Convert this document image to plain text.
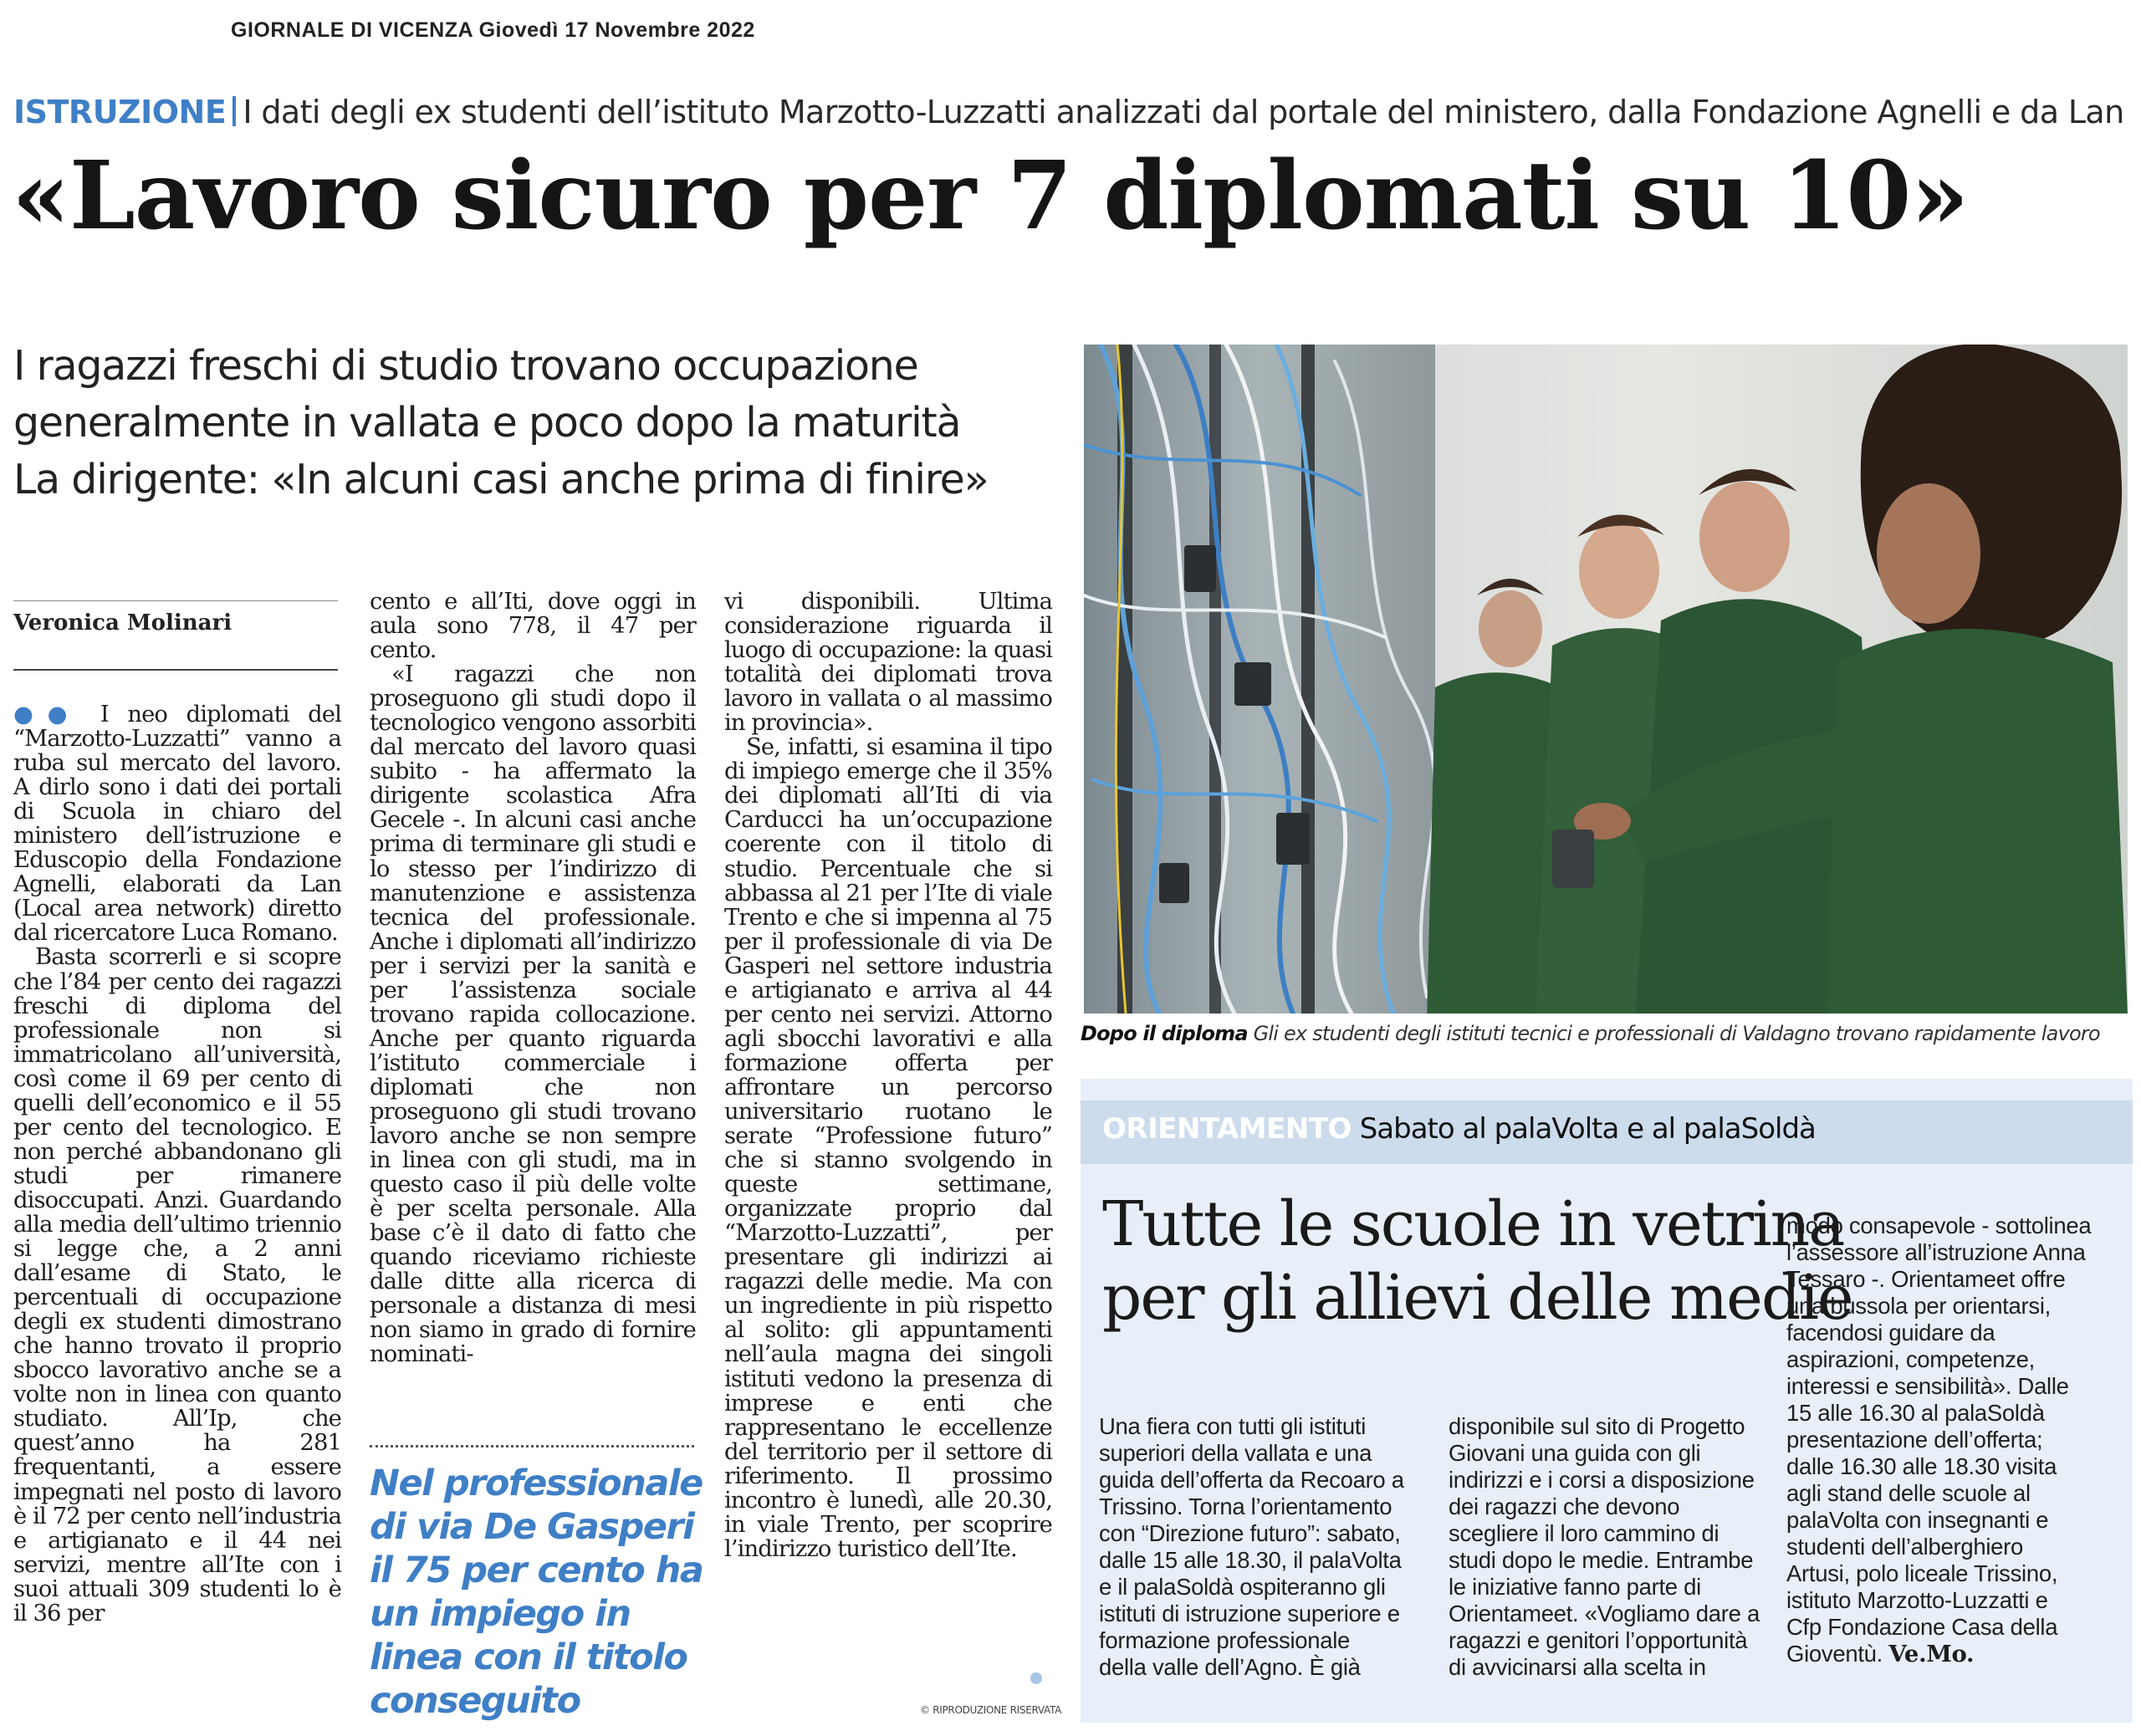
GIORNALE DI VICENZA Giovedì 17 Novembre 2022
ISTRUZIONE I dati degli ex studenti dell’istituto Marzotto-Luzzatti analizzati dal portale del ministero, dalla Fondazione Agnelli e da Lan
«Lavoro sicuro per 7 diplomati su 10»
I ragazzi freschi di studio trovano occupazione
generalmente in vallata e poco dopo la maturità
La dirigente: «In alcuni casi anche prima di finire»
Veronica Molinari

●● I neo diplomati del “Marzotto-Luzzatti” vanno a ruba sul mercato del lavoro. A dirlo sono i dati dei portali di Scuola in chiaro del ministero dell’istruzione e Eduscopio della Fondazione Agnelli, elaborati da Lan (Local area network) diretto dal ricercatore Luca Romano.

Basta scorrerli e si scopre che l’84 per cento dei ragazzi freschi di diploma del professionale non si immatricolano all’università, così come il 69 per cento di quelli dell’economico e il 55 per cento del tecnologico. E non perché abbandonano gli studi per rimanere disoccupati. Anzi. Guardando alla media dell’ultimo triennio si legge che, a 2 anni dall’esame di Stato, le percentuali di occupazione degli ex studenti dimostrano che hanno trovato il proprio sbocco lavorativo anche se a volte non in linea con quanto studiato. All’Ip, che quest’anno ha 281 frequentanti, a essere impegnati nel posto di lavoro è il 72 per cento nell’industria e artigianato e il 44 nei servizi, mentre all’Ite con i suoi attuali 309 studenti lo è il 36 per

cento e all’Iti, dove oggi in aula sono 778, il 47 per cento.

«I ragazzi che non proseguono gli studi dopo il tecnologico vengono assorbiti dal mercato del lavoro quasi subito - ha affermato la dirigente scolastica Afra Gecele -. In alcuni casi anche prima di terminare gli studi e lo stesso per l’indirizzo di manutenzione e assistenza tecnica del professionale. Anche i diplomati all’indirizzo per i servizi per la sanità e per l’assistenza sociale trovano rapida collocazione. Anche per quanto riguarda l’istituto commerciale i diplomati che non proseguono gli studi trovano lavoro anche se non sempre in linea con gli studi, ma in questo caso il più delle volte è per scelta personale. Alla base c’è il dato di fatto che quando riceviamo richieste dalle ditte alla ricerca di personale a distanza di mesi non siamo in grado di fornire nominati-

Nel professionale di via De Gasperi il 75 per cento ha un impiego in linea con il titolo conseguito

vi disponibili. Ultima considerazione riguarda il luogo di occupazione: la quasi totalità dei diplomati trova lavoro in vallata o al massimo in provincia».

Se, infatti, si esamina il tipo di impiego emerge che il 35% dei diplomati all’Iti di via Carducci ha un’occupazione coerente con il titolo di studio. Percentuale che si abbassa al 21 per l’Ite di viale Trento e che si impenna al 75 per il professionale di via De Gasperi nel settore industria e artigianato e arriva al 44 per cento nei servizi. Attorno agli sbocchi lavorativi e alla formazione offerta per affrontare un percorso universitario ruotano le serate “Professione futuro” che si stanno svolgendo in queste settimane, organizzate proprio dal “Marzotto-Luzzatti”, per presentare gli indirizzi ai ragazzi delle medie. Ma con un ingrediente in più rispetto al solito: gli appuntamenti nell’aula magna dei singoli istituti vedono la presenza di imprese e enti che rappresentano le eccellenze del territorio per il settore di riferimento. Il prossimo incontro è lunedì, alle 20.30, in viale Trento, per scoprire l’indirizzo turistico dell’Ite.

© RIPRODUZIONE RISERVATA
Dopo il diploma Gli ex studenti degli istituti tecnici e professionali di Valdagno trovano rapidamente lavoro
ORIENTAMENTO Sabato al palaVolta e al palaSoldà
Tutte le scuole in vetrina
per gli allievi delle medie
Una fiera con tutti gli istituti
superiori della vallata e una
guida dell’offerta da Recoaro a
Trissino. Torna l’orientamento
con “Direzione futuro”: sabato,
dalle 15 alle 18.30, il palaVolta
e il palaSoldà ospiteranno gli
istituti di istruzione superiore e
formazione professionale
della valle dell’Agno. È già
disponibile sul sito di Progetto
Giovani una guida con gli
indirizzi e i corsi a disposizione
dei ragazzi che devono
scegliere il loro cammino di
studi dopo le medie. Entrambe
le iniziative fanno parte di
Orientameet. «Vogliamo dare a
ragazzi e genitori l’opportunità
di avvicinarsi alla scelta in
modo consapevole - sottolinea
l’assessore all’istruzione Anna
Tessaro -. Orientameet offre
una bussola per orientarsi,
facendosi guidare da
aspirazioni, competenze,
interessi e sensibilità». Dalle
15 alle 16.30 al palaSoldà
presentazione dell’offerta;
dalle 16.30 alle 18.30 visita
agli stand delle scuole al
palaVolta con insegnanti e
studenti dell’alberghiero
Artusi, polo liceale Trissino,
istituto Marzotto-Luzzatti e
Cfp Fondazione Casa della
Gioventù. Ve.Mo.
